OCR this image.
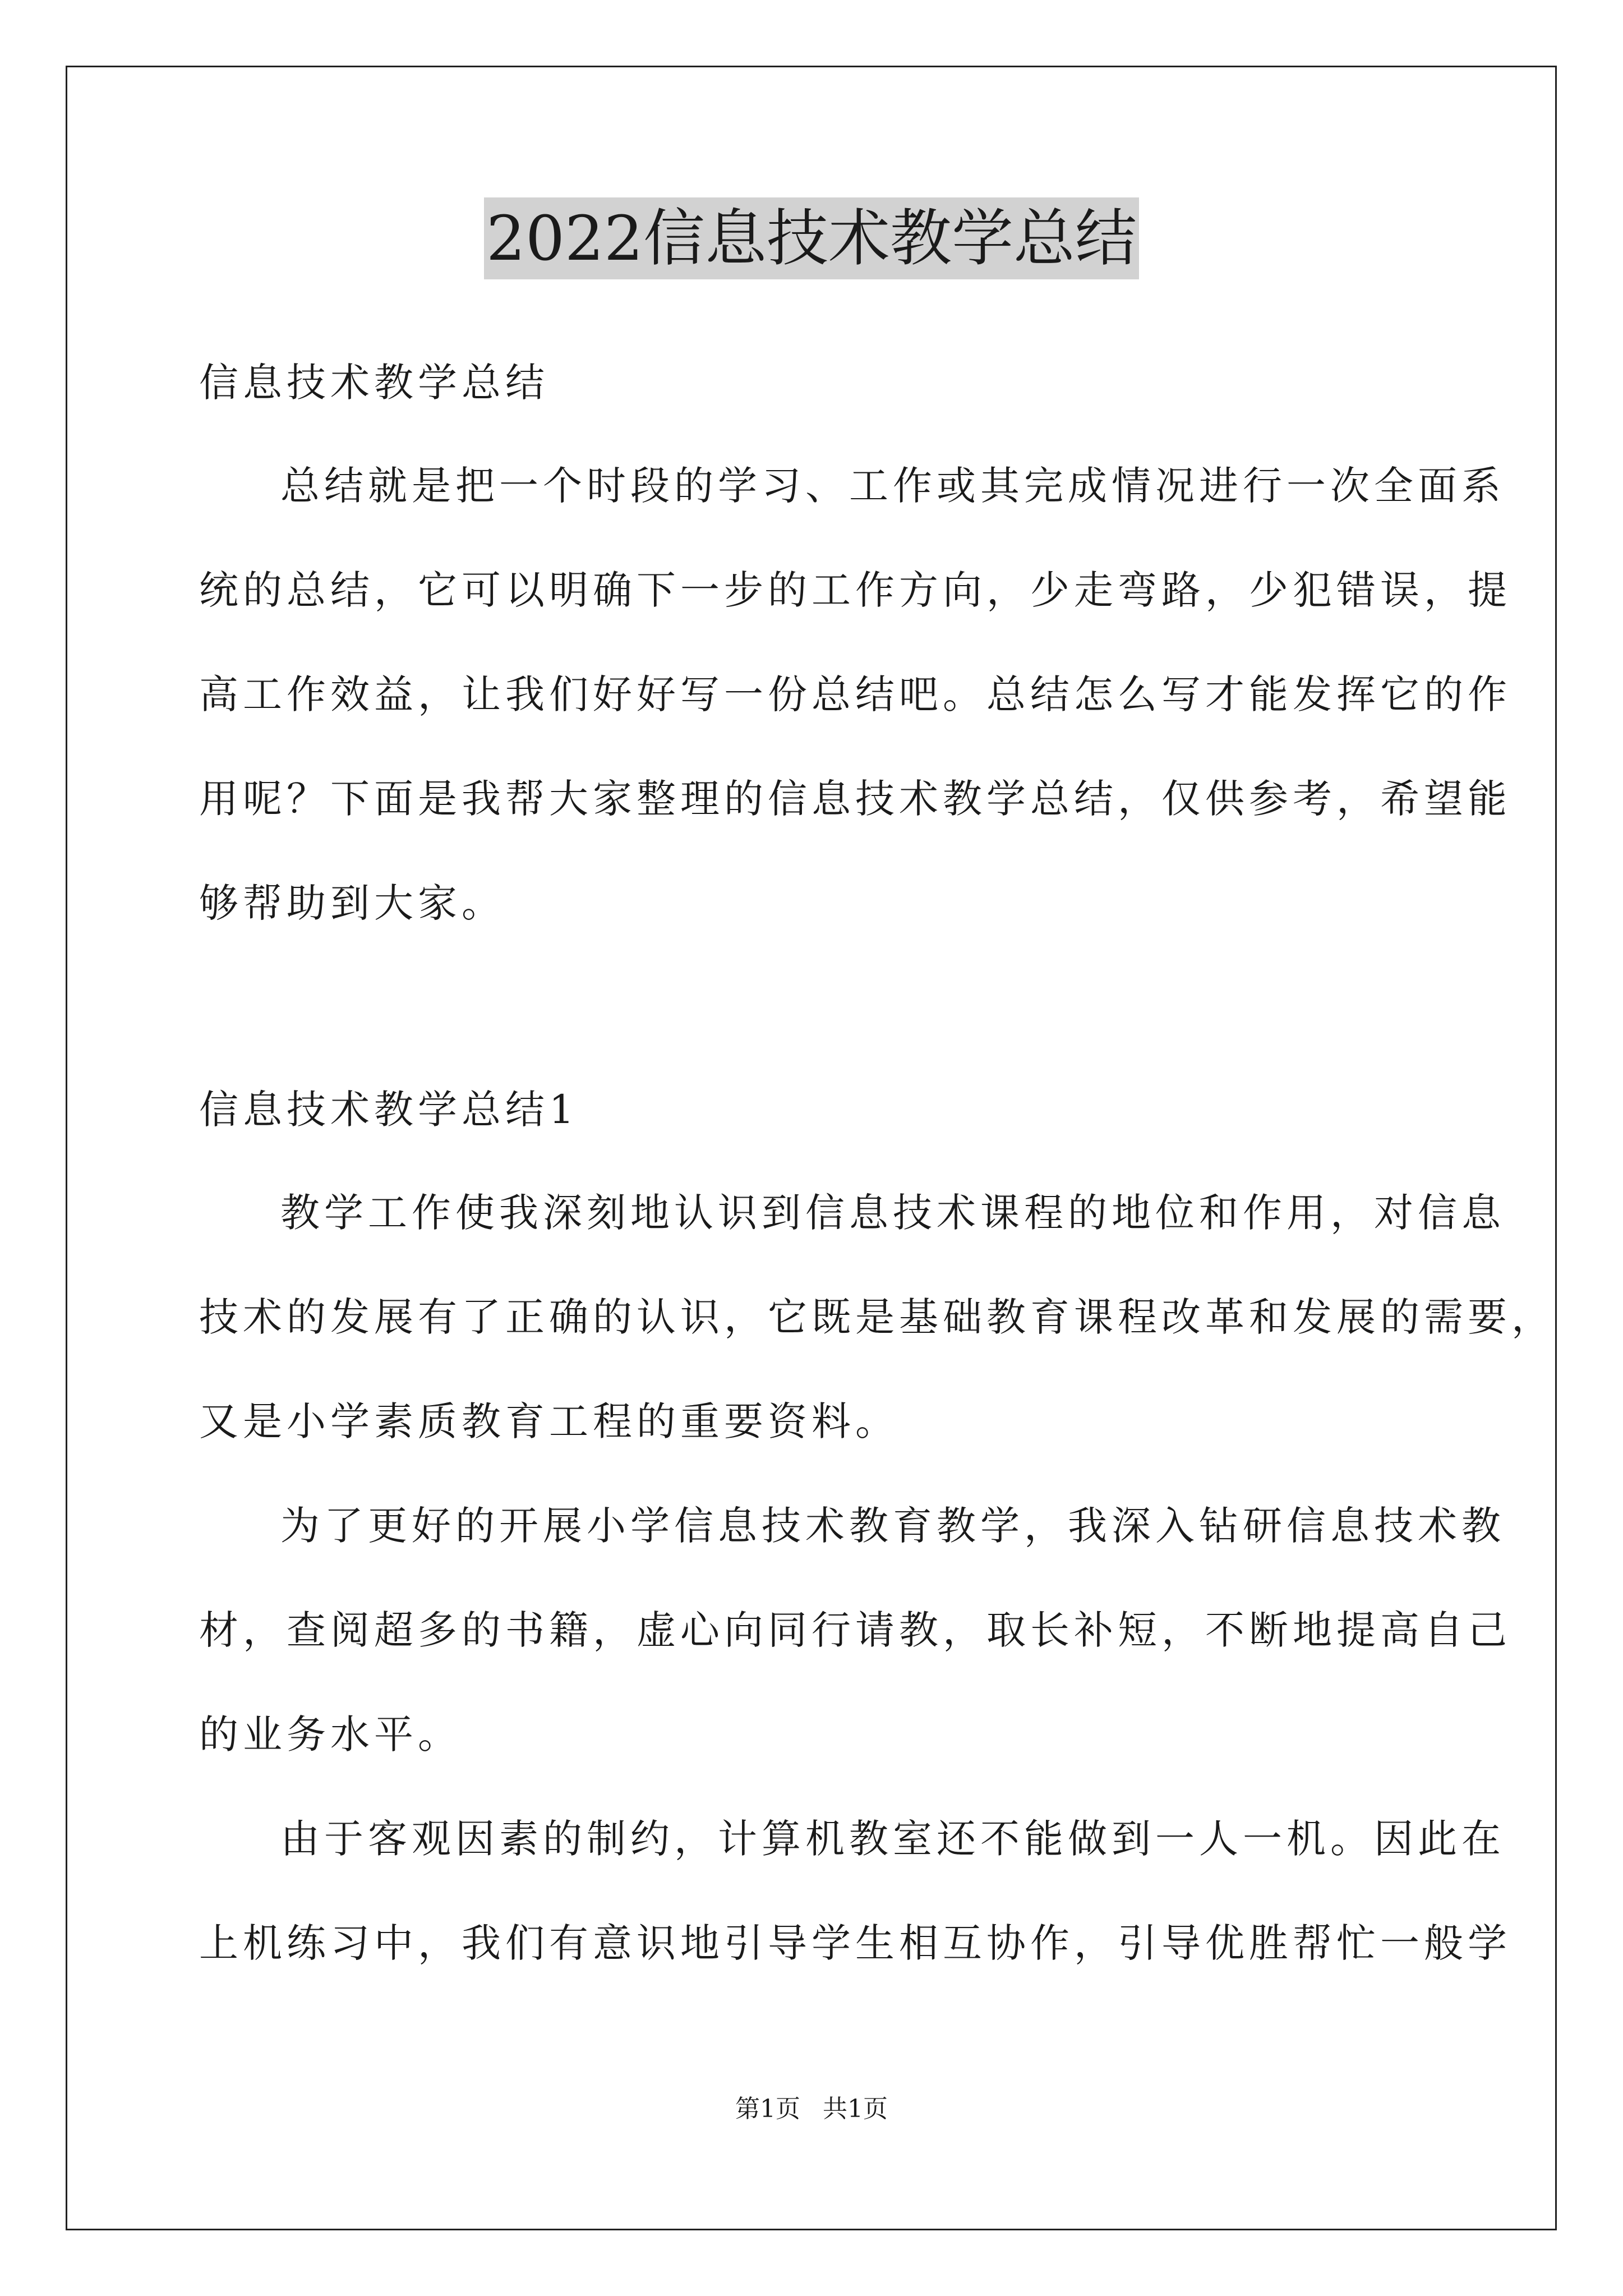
2022信息技术教学总结
信息技术教学总结
总结就是把一个时段的学习、工作或其完成情况进行一次全面系
统的总结，它可以明确下一步的工作方向，少走弯路，少犯错误，提
高工作效益，让我们好好写一份总结吧。总结怎么写才能发挥它的作
用呢？下面是我帮大家整理的信息技术教学总结，仅供参考，希望能
够帮助到大家。
信息技术教学总结1
教学工作使我深刻地认识到信息技术课程的地位和作用，对信息
技术的发展有了正确的认识，它既是基础教育课程改革和发展的需要，
又是小学素质教育工程的重要资料。
为了更好的开展小学信息技术教育教学，我深入钻研信息技术教
材，查阅超多的书籍，虚心向同行请教，取长补短，不断地提高自己
的业务水平。
由于客观因素的制约，计算机教室还不能做到一人一机。因此在
上机练习中，我们有意识地引导学生相互协作，引导优胜帮忙一般学
第1页 共1页
